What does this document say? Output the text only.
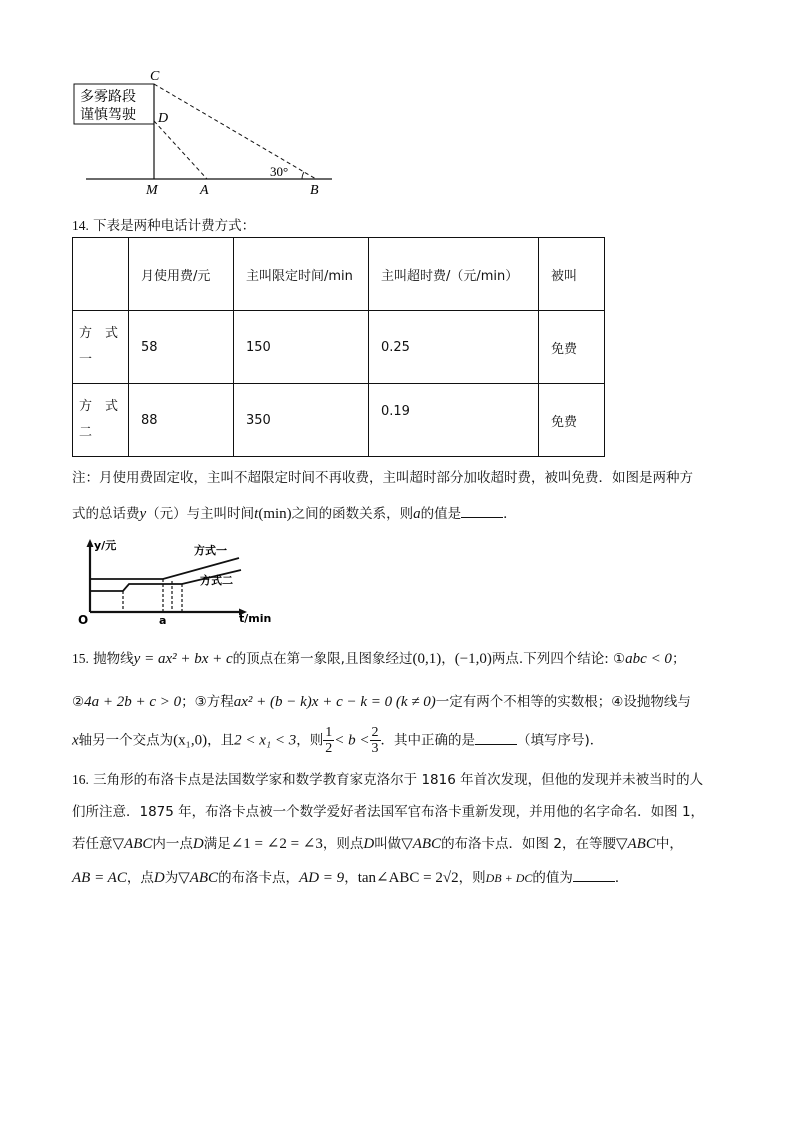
多雾路段
谨慎驾驶
C
D
M	A	B
30°
14. 下表是两种电话计费方式：
	月使用费/元	主叫限定时间/min	主叫超时费/（元/min）	被叫

方　式
一	58	150	0.25	免费

方　式
二	88	350	0.19	免费
注：月使用费固定收，主叫不超限定时间不再收费，主叫超时部分加收超时费，被叫免费．如图是两种方
式的总话费y（元）与主叫时间t(min)之间的函数关系，则a的值是	．
y/元
t/min
O	a
方式一
方式二
15. 抛物线y = ax² + bx + c的顶点在第一象限,且图象经过(0,1)，(−1,0)两点.下列四个结论: ①abc < 0；
②4a + 2b + c > 0；③方程ax² + (b − k)x + c − k = 0 (k ≠ 0)一定有两个不相等的实数根；④设抛物线与
x轴另一个交点为(x₁,0)，且2 < x₁ < 3，则 $\frac{1}{2} < b < \frac{2}{3}$ ．其中正确的是	（填写序号)．
16. 三角形的布洛卡点是法国数学家和数学教育家克洛尔于 1816 年首次发现，但他的发现并未被当时的人
们所注意．1875 年，布洛卡点被一个数学爱好者法国军官布洛卡重新发现，并用他的名字命名．如图 1，
若任意▽ABC内一点D满足∠1 = ∠2 = ∠3，则点D叫做▽ABC的布洛卡点．如图 2，在等腰▽ABC中，
AB = AC，点D为▽ABC的布洛卡点，AD = 9，tan∠ABC = 2√2，则DB + DC的值为	．
